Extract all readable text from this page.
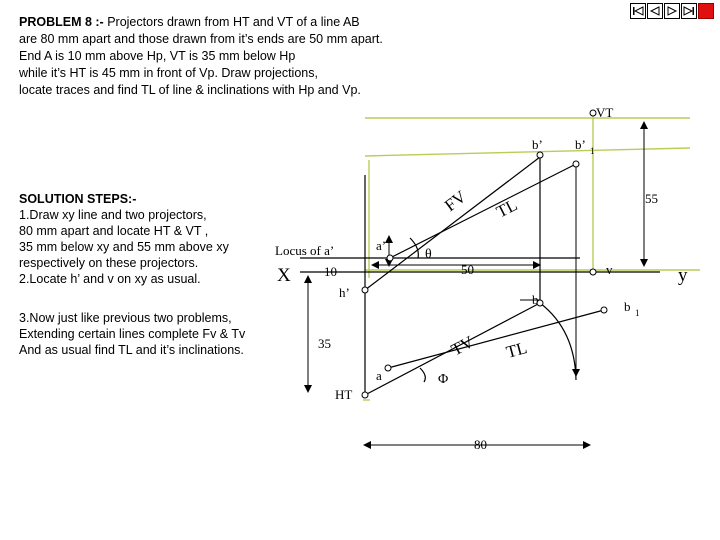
PROBLEM 8 :- Projectors drawn from HT and VT of a line AB
are 80 mm apart and those drawn from it’s ends are 50 mm apart.
End A is 10 mm above Hp, VT is 35 mm below Hp
while it’s HT is 45 mm in front of Vp. Draw projections,
locate traces and find TL of line & inclinations with Hp and Vp.
SOLUTION STEPS:-
1.Draw xy line and two projectors,
80 mm apart and locate HT & VT ,
35 mm below xy and 55 mm above xy
respectively on these projectors.
2.Locate h’ and v on xy as usual.
3.Now just like previous two problems,
Extending certain lines complete Fv & Tv
And as usual find TL and it’s inclinations.
VT
b’ b’ 1
55
FV TL
Locus of a’	a’
θ
X	10	50	v	y
h’	b	b 1
35	TV TL
a	Φ
HT
80
